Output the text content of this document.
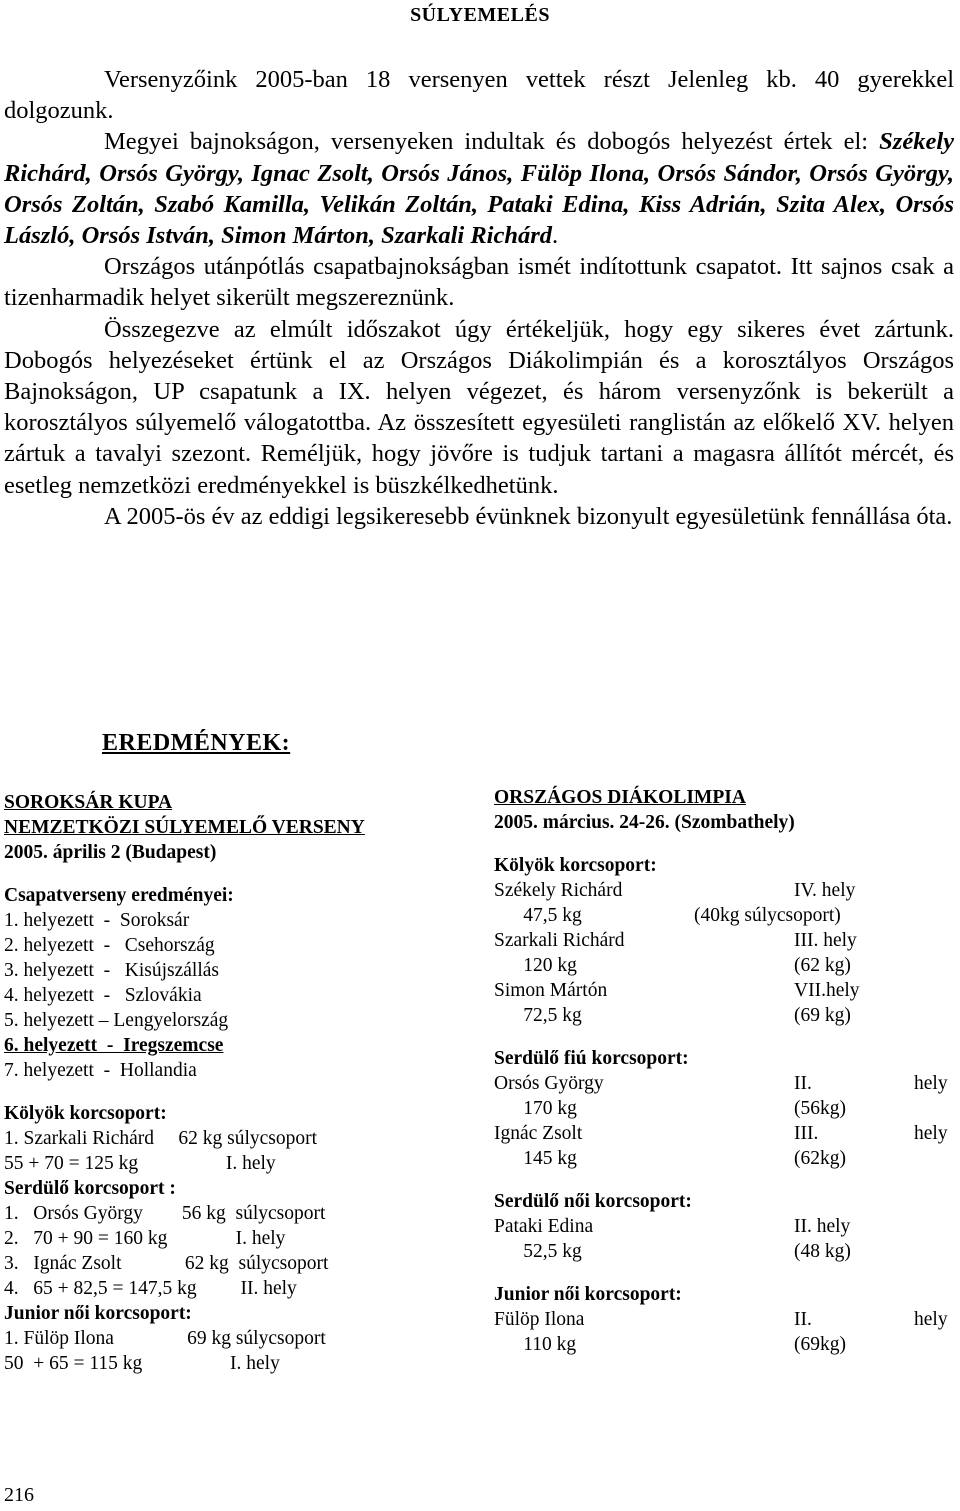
SÚLYEMELÉS

Versenyzőink 2005-ban 18 versenyen vettek részt Jelenleg kb. 40 gyerekkel dolgozunk.

Megyei bajnokságon, versenyeken indultak és dobogós helyezést értek el: Székely Richárd, Orsós György, Ignac Zsolt, Orsós János, Fülöp Ilona, Orsós Sándor, Orsós György, Orsós Zoltán, Szabó Kamilla, Velikán Zoltán, Pataki Edina, Kiss Adrián, Szita Alex, Orsós László, Orsós István, Simon Márton, Szarkali Richárd.

Országos utánpótlás csapatbajnokságban ismét indítottunk csapatot. Itt sajnos csak a tizenharmadik helyet sikerült megszereznünk.

Összegezve az elmúlt időszakot úgy értékeljük, hogy egy sikeres évet zártunk. Dobogós helyezéseket értünk el az Országos Diákolimpián és a korosztályos Országos Bajnokságon, UP csapatunk a IX. helyen végezet, és három versenyzőnk is bekerült a korosztályos súlyemelő válogatottba. Az összesített egyesületi ranglistán az előkelő XV. helyen zártuk a tavalyi szezont. Reméljük, hogy jövőre is tudjuk tartani a magasra állítót mércét, és esetleg nemzetközi eredményekkel is büszkélkedhetünk.

A 2005-ös év az eddigi legsikeresebb évünknek bizonyult egyesületünk fennállása óta.

EREDMÉNYEK:
SOROKSÁR KUPA
NEMZETKÖZI SÚLYEMELŐ VERSENY
2005. április 2 (Budapest)
Csapatverseny eredményei:
1. helyezett  -  Soroksár
2. helyezett  -   Csehország
3. helyezett  -   Kisújszállás
4. helyezett  -   Szlovákia
5. helyezett – Lengyelország
6. helyezett  -  Iregszemcse
7. helyezett  -  Hollandia
Kölyök korcsoport:
1. Szarkali Richárd     62 kg súlycsoport
55 + 70 = 125 kg                  I. hely
Serdülő korcsoport :
1.   Orsós György        56 kg  súlycsoport
2.   70 + 90 = 160 kg              I. hely
3.   Ignác Zsolt             62 kg  súlycsoport
4.   65 + 82,5 = 147,5 kg         II. hely
Junior női korcsoport:
1. Fülöp Ilona               69 kg súlycsoport
50  + 65 = 115 kg                  I. hely
ORSZÁGOS DIÁKOLIMPIA
2005. március. 24-26. (Szombathely)
Kölyök korcsoport:
Székely Richárd	IV. hely
47,5 kg	(40kg súlycsoport)
Szarkali Richárd	III. hely
120 kg	(62 kg)
Simon Mártón	VII.hely
72,5 kg	(69 kg)
Serdülő fiú korcsoport:
Orsós György	II.	hely
170 kg	(56kg)
Ignác Zsolt	III.	hely
145 kg	(62kg)
Serdülő női korcsoport:
Pataki Edina	II. hely
52,5 kg	(48 kg)
Junior női korcsoport:
Fülöp Ilona	II.	hely
110 kg	(69kg)
216
